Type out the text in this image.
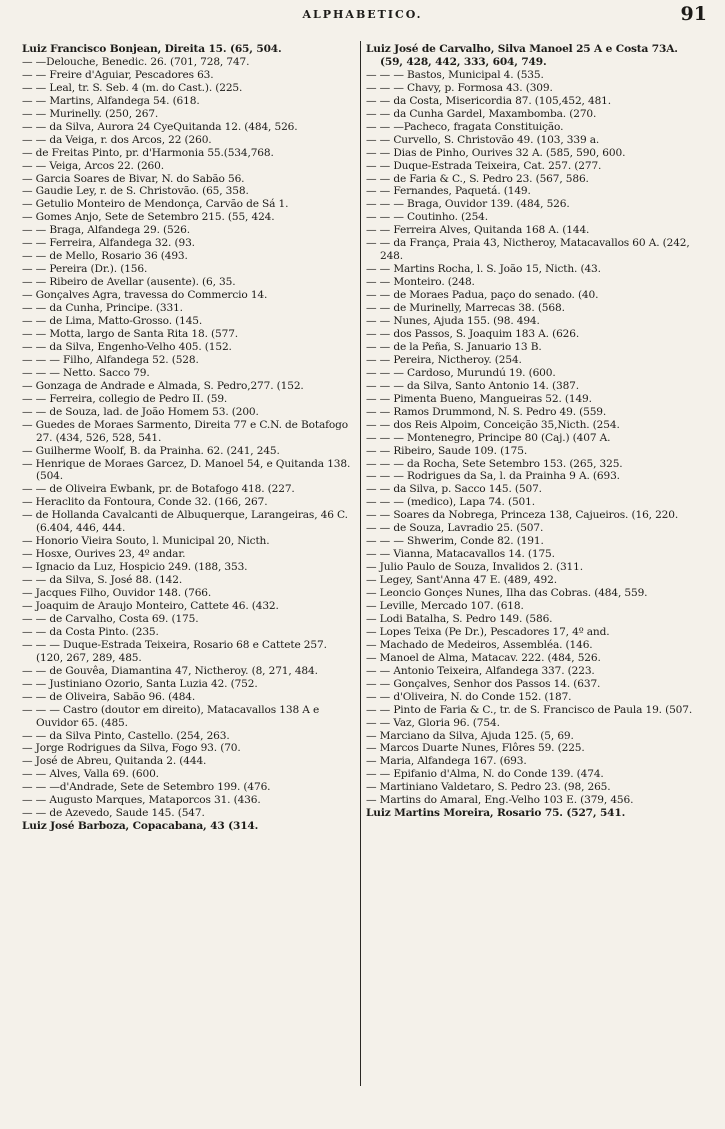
ALPHABETICO.	91
Luiz Francisco Bonjean, Direita 15. (65, 504.
— —Delouche, Benedic. 26. (701, 728, 747.
— — Freire d'Aguiar, Pescadores 63.
— — Leal, tr. S. Seb. 4 (m. do Cast.). (225.
— — Martins, Alfandega 54. (618.
— — Murinelly. (250, 267.
— — da Silva, Aurora 24 CyeQuitanda 12. (484, 526.
— — da Veiga, r. dos Arcos, 22 (260.
— de Freitas Pinto, pr. d'Harmonia 55.(534,768.
— — Veiga, Arcos 22. (260.
— Garcia Soares de Bivar, N. do Sabão 56.
— Gaudie Ley, r. de S. Christovão. (65, 358.
— Getulio Monteiro de Mendonça, Carvão de Sá 1.
— Gomes Anjo, Sete de Setembro 215. (55, 424.
— — Braga, Alfandega 29. (526.
— — Ferreira, Alfandega 32. (93.
— — de Mello, Rosario 36 (493.
— — Pereira (Dr.). (156.
— — Ribeiro de Avellar (ausente). (6, 35.
— Gonçalves Agra, travessa do Commercio 14.
— — da Cunha, Principe. (331.
— — de Lima, Matto-Grosso. (145.
— — Motta, largo de Santa Rita 18. (577.
— — da Silva, Engenho-Velho 405. (152.
— — — Filho, Alfandega 52. (528.
— — — Netto. Sacco 79.
— Gonzaga de Andrade e Almada, S. Pedro,277. (152.
— — Ferreira, collegio de Pedro II. (59.
— — de Souza, lad. de João Homem 53. (200.
— Guedes de Moraes Sarmento, Direita 77 e C.N. de Botafogo 27. (434, 526, 528, 541.
— Guilherme Woolf, B. da Prainha. 62. (241, 245.
— Henrique de Moraes Garcez, D. Manoel 54, e Quitanda 138. (504.
— — de Oliveira Ewbank, pr. de Botafogo 418. (227.
— Heraclito da Fontoura, Conde 32. (166, 267.
— de Hollanda Cavalcanti de Albuquerque, Larangeiras, 46 C. (6.404, 446, 444.
— Honorio Vieira Souto, l. Municipal 20, Nicth.
— Hosxe, Ourives 23, 4º andar.
— Ignacio da Luz, Hospicio 249. (188, 353.
— — da Silva, S. José 88. (142.
— Jacques Filho, Ouvidor 148. (766.
— Joaquim de Araujo Monteiro, Cattete 46. (432.
— — de Carvalho, Costa 69. (175.
— — da Costa Pinto. (235.
— — — Duque-Estrada Teixeira, Rosario 68 e Cattete 257. (120, 267, 289, 485.
— — de Gouvêa, Diamantina 47, Nictheroy. (8, 271, 484.
— — Justiniano Ozorio, Santa Luzia 42. (752.
— — de Oliveira, Sabão 96. (484.
— — — Castro (doutor em direito), Matacavallos 138 A e Ouvidor 65. (485.
— — da Silva Pinto, Castello. (254, 263.
— Jorge Rodrigues da Silva, Fogo 93. (70.
— José de Abreu, Quitanda 2. (444.
— — Alves, Valla 69. (600.
— — —d'Andrade, Sete de Setembro 199. (476.
— — Augusto Marques, Mataporcos 31. (436.
— — de Azevedo, Saude 145. (547.
Luiz José Barboza, Copacabana, 43 (314.
Luiz José de Carvalho, Silva Manoel 25 A e Costa 73A. (59, 428, 442, 333, 604, 749.
— — — Bastos, Municipal 4. (535.
— — — Chavy, p. Formosa 43. (309.
— — da Costa, Misericordia 87. (105,452, 481.
— — da Cunha Gardel, Maxambomba. (270.
— — —Pacheco, fragata Constituição.
— — Curvello, S. Christovão 49. (103, 339 a.
— — Dias de Pinho, Ourives 32 A. (585, 590, 600.
— — Duque-Estrada Teixeira, Cat. 257. (277.
— — de Faria & C., S. Pedro 23. (567, 586.
— — Fernandes, Paquetá. (149.
— — — Braga, Ouvidor 139. (484, 526.
— — — Coutinho. (254.
— — Ferreira Alves, Quitanda 168 A. (144.
— — da França, Praia 43, Nictheroy, Matacavallos 60 A. (242, 248.
— — Martins Rocha, l. S. João 15, Nicth. (43.
— — Monteiro. (248.
— — de Moraes Padua, paço do senado. (40.
— — de Murinelly, Marrecas 38. (568.
— — Nunes, Ajuda 155. (98. 494.
— — dos Passos, S. Joaquim 183 A. (626.
— — de la Peña, S. Januario 13 B.
— — Pereira, Nictheroy. (254.
— — — Cardoso, Murundú 19. (600.
— — — da Silva, Santo Antonio 14. (387.
— — Pimenta Bueno, Mangueiras 52. (149.
— — Ramos Drummond, N. S. Pedro 49. (559.
— — dos Reis Alpoim, Conceição 35,Nicth. (254.
— — — Montenegro, Principe 80 (Caj.) (407 A.
— — Ribeiro, Saude 109. (175.
— — — da Rocha, Sete Setembro 153. (265, 325.
— — — Rodrigues da Sa, l. da Prainha 9 A. (693.
— — da Silva, p. Sacco 145. (507.
— — — (medico), Lapa 74. (501.
— — Soares da Nobrega, Princeza 138, Cajueiros. (16, 220.
— — de Souza, Lavradio 25. (507.
— — — Shwerim, Conde 82. (191.
— — Vianna, Matacavallos 14. (175.
— Julio Paulo de Souza, Invalidos 2. (311.
— Legey, Sant'Anna 47 E. (489, 492.
— Leoncio Gonçes Nunes, Ilha das Cobras. (484, 559.
— Leville, Mercado 107. (618.
— Lodi Batalha, S. Pedro 149. (586.
— Lopes Teixa (Pe Dr.), Pescadores 17, 4º and.
— Machado de Medeiros, Assembléa. (146.
— Manoel de Alma, Matacav. 222. (484, 526.
— — Antonio Teixeira, Alfandega 337. (223.
— — Gonçalves, Senhor dos Passos 14. (637.
— — d'Oliveira, N. do Conde 152. (187.
— — Pinto de Faria & C., tr. de S. Francisco de Paula 19. (507.
— — Vaz, Gloria 96. (754.
— Marciano da Silva, Ajuda 125. (5, 69.
— Marcos Duarte Nunes, Flôres 59. (225.
— Maria, Alfandega 167. (693.
— — Epifanio d'Alma, N. do Conde 139. (474.
— Martiniano Valdetaro, S. Pedro 23. (98, 265.
— Martins do Amaral, Eng.-Velho 103 E. (379, 456.
Luiz Martins Moreira, Rosario 75. (527, 541.
